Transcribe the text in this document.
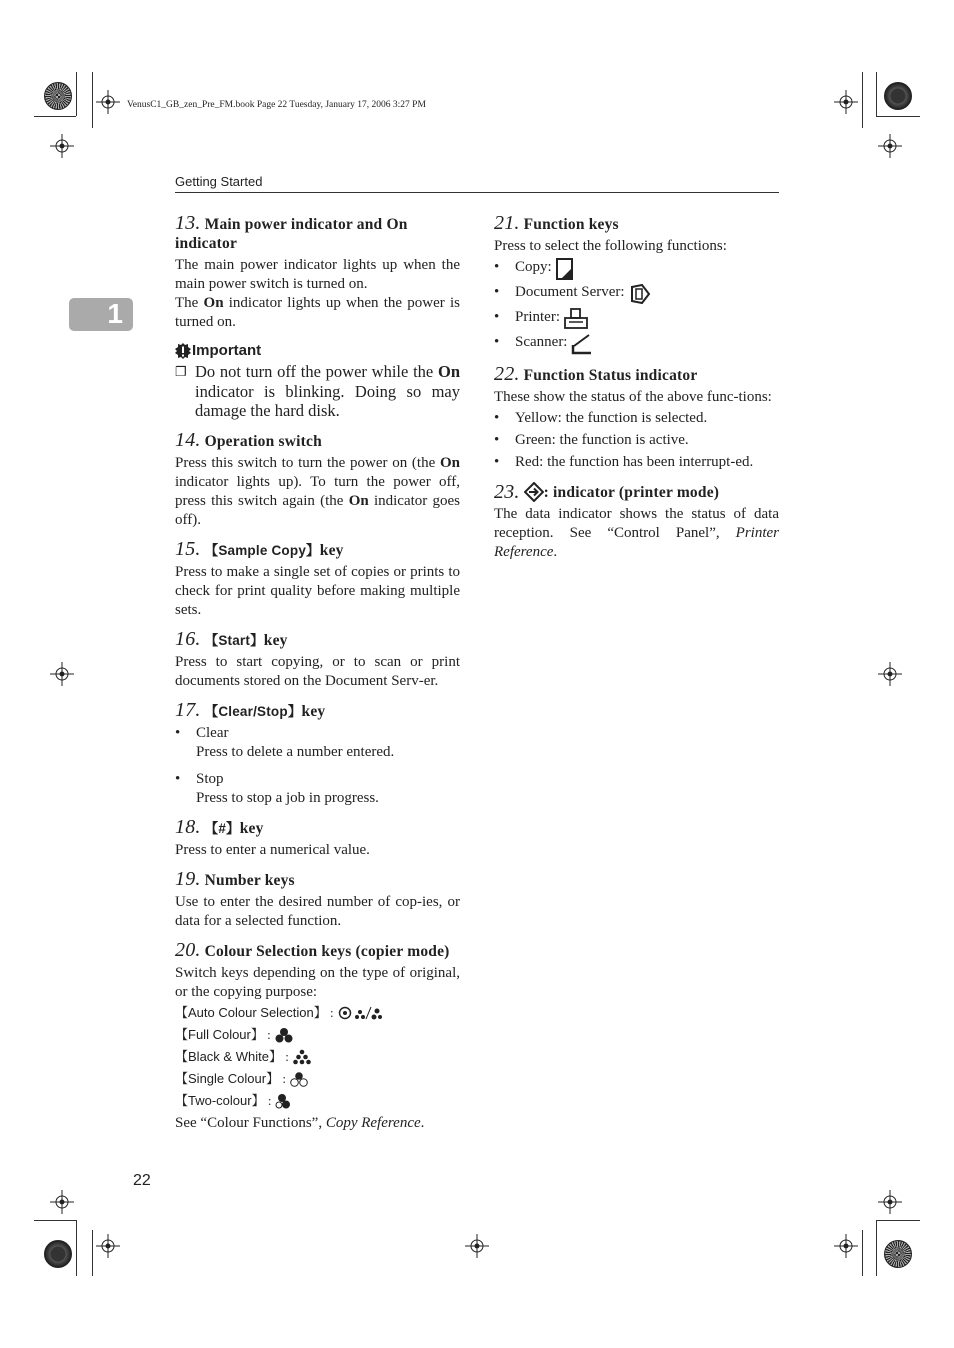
VenusC1_GB_zen_Pre_FM.book Page 22 Tuesday, January 17, 2006 3:27 PM
Getting Started
1
22
13. Main power indicator and On indicator

The main power indicator lights up when the main power switch is turned on.

The On indicator lights up when the power is turned on.

Important
❒ Do not turn off the power while the On indicator is blinking. Doing so may damage the hard disk.
14. Operation switch

Press this switch to turn the power on (the On indicator lights up). To turn the power off, press this switch again (the On indicator goes off).

15. 【Sample Copy】key

Press to make a single set of copies or prints to check for print quality before making multiple sets.

16. 【Start】key

Press to start copying, or to scan or print documents stored on the Document Serv-er.

17. 【Clear/Stop】key
•	Clear
Press to delete a number entered.
•	Stop
Press to stop a job in progress.
18. 【#】key

Press to enter a numerical value.

19. Number keys

Use to enter the desired number of cop-ies, or data for a selected function.

20. Colour Selection keys (copier mode)

Switch keys depending on the type of original, or the copying purpose:

【Auto Colour Selection】 :
【Full Colour】 :
【Black & White】 :
【Single Colour】 :
【Two-colour】 :

See “Colour Functions”, Copy Reference.

21. Function keys

Press to select the following functions:

•	Copy:
•	Document Server:
•	Printer:
•	Scanner:
22. Function Status indicator

These show the status of the above func-tions:

•	Yellow: the function is selected.
•	Green: the function is active.
•	Red: the function has been interrupt-ed.
23. : indicator (printer mode)

The data indicator shows the status of data reception. See “Control Panel”, Printer Reference.
